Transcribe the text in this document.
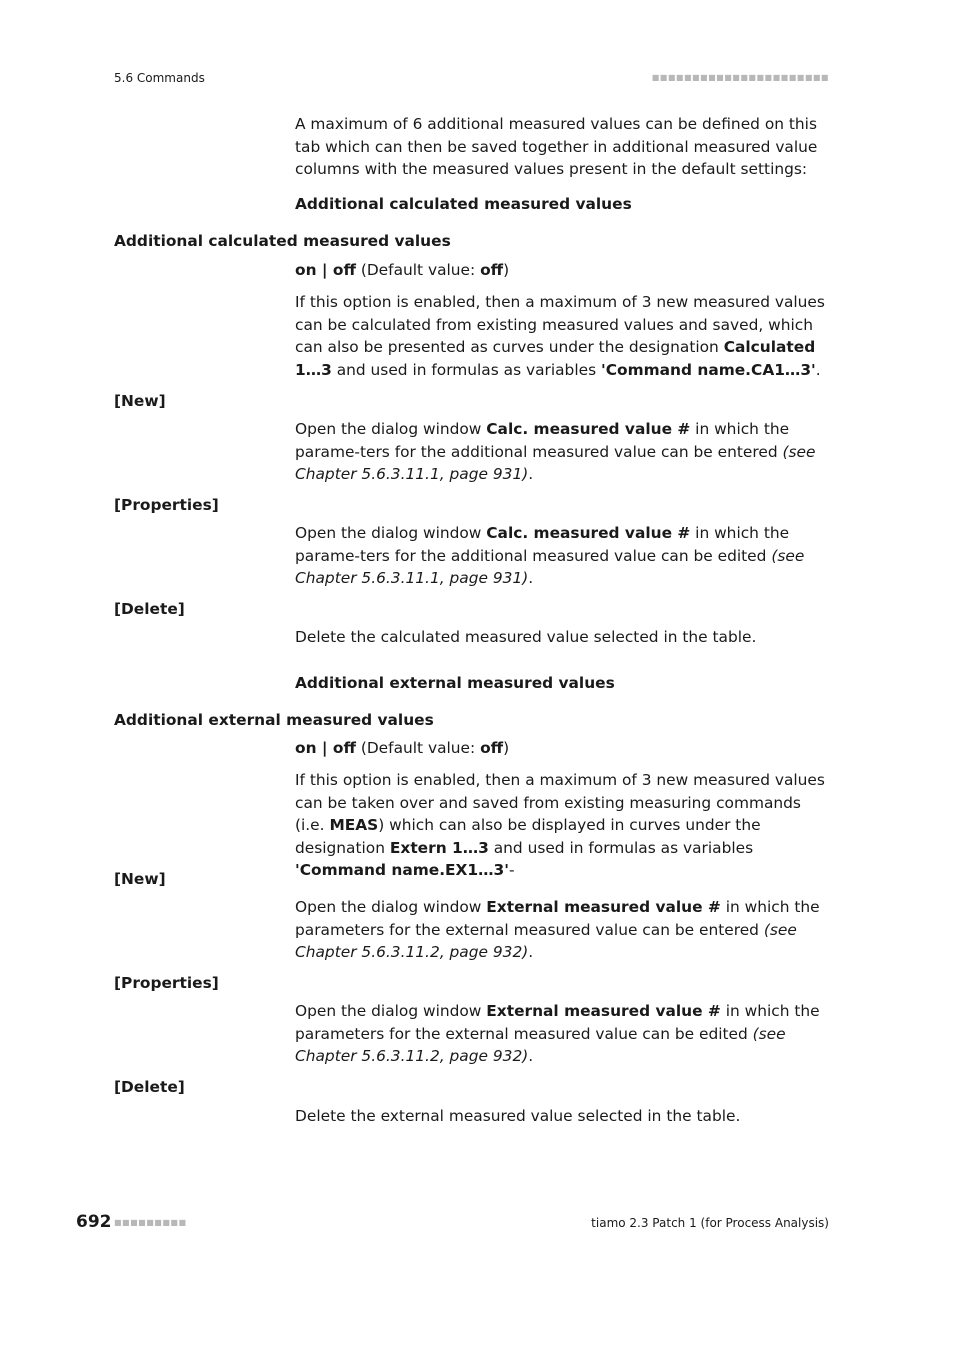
5.6 Commands	■■■■■■■■■■■■■■■■■■■■■■
A maximum of 6 additional measured values can be defined on this tab which can then be saved together in additional measured value columns with the measured values present in the default settings:
Additional calculated measured values
Additional calculated measured values
on | off (Default value: off)
If this option is enabled, then a maximum of 3 new measured values can be calculated from existing measured values and saved, which can also be presented as curves under the designation Calculated 1…3 and used in formulas as variables 'Command name.CA1…3'.
[New]
Open the dialog window Calc. measured value # in which the parame-ters for the additional measured value can be entered (see Chapter 5.6.3.11.1, page 931).
[Properties]
Open the dialog window Calc. measured value # in which the parame-ters for the additional measured value can be edited (see Chapter 5.6.3.11.1, page 931).
[Delete]
Delete the calculated measured value selected in the table.
Additional external measured values
Additional external measured values
on | off (Default value: off)
If this option is enabled, then a maximum of 3 new measured values can be taken over and saved from existing measuring commands (i.e. MEAS) which can also be displayed in curves under the designation Extern 1…3 and used in formulas as variables 'Command name.EX1…3'-
[New]
Open the dialog window External measured value # in which the parameters for the external measured value can be entered (see Chapter 5.6.3.11.2, page 932).
[Properties]
Open the dialog window External measured value # in which the parameters for the external measured value can be edited (see Chapter 5.6.3.11.2, page 932).
[Delete]
Delete the external measured value selected in the table.
692 ■■■■■■■■■	tiamo 2.3 Patch 1 (for Process Analysis)
